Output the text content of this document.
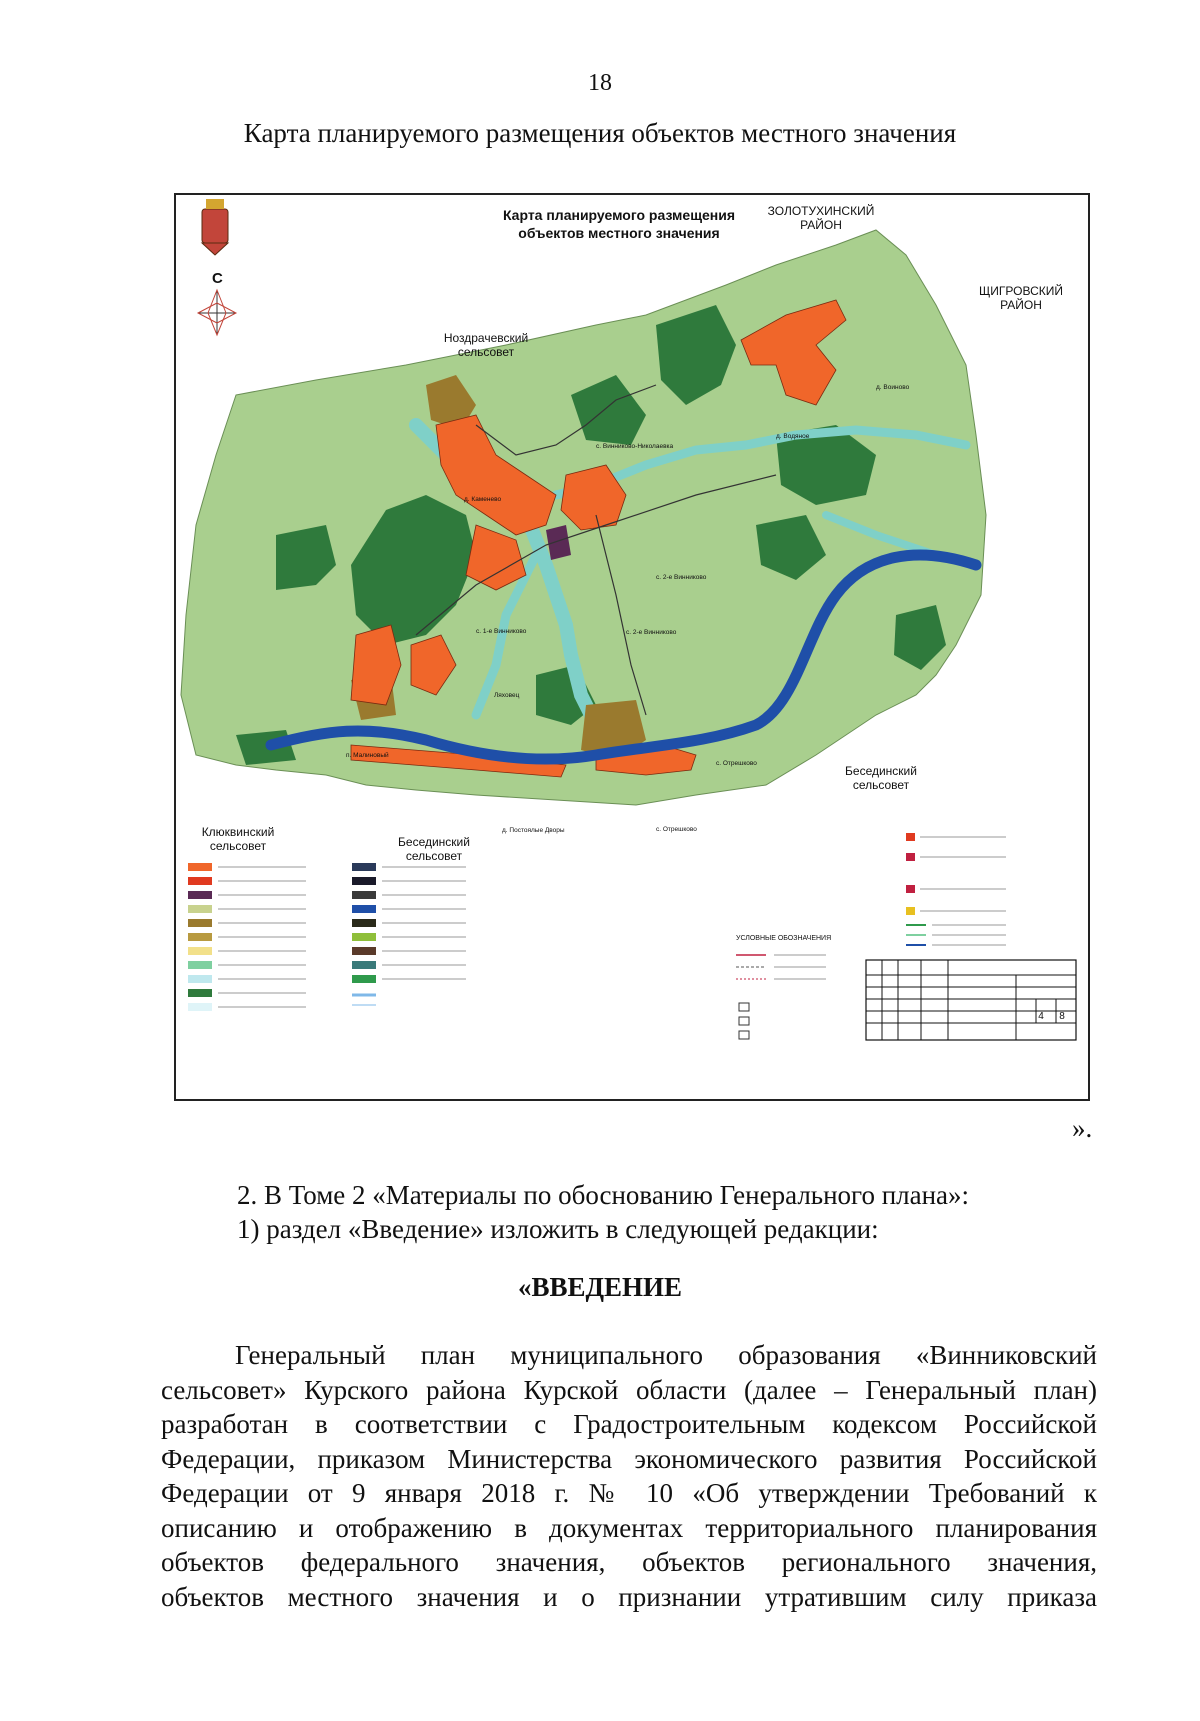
18
Карта планируемого размещения объектов местного значения
С
Карта планируемого размещения
объектов местного значения
ЗОЛОТУХИНСКИЙ
РАЙОН
ЩИГРОВСКИЙ
РАЙОН
Ноздрачевский
сельсовет
Бесединский
сельсовет
Клюквинский
сельсовет	Бесединский
сельсовет
с. Винниково-Николаевка
д. Каменево
с. 1-е Винниково
с. 2-е Винниково
с. 2-е Винниково
Ляховец
п. Малиновый
д. Постоялые Дворы
с. Отрешково
с. Отрешково
д. Водяное
д. Воиново
УСЛОВНЫЕ ОБОЗНАЧЕНИЯ
4 8
».
2. В Томе 2 «Материалы по обоснованию Генерального плана»:
1) раздел «Введение» изложить в следующей редакции:
«ВВЕДЕНИЕ

Генеральный план муниципального образования «Винниковский

сельсовет» Курского района Курской области (далее – Генеральный план)

разработан в соответствии с Градостроительным кодексом Российской

Федерации, приказом Министерства экономического развития Российской

Федерации от 9 января 2018 г. № 10 «Об утверждении Требований к

описанию и отображению в документах территориального планирования

объектов федерального значения, объектов регионального значения,

объектов местного значения и о признании утратившим силу приказа
